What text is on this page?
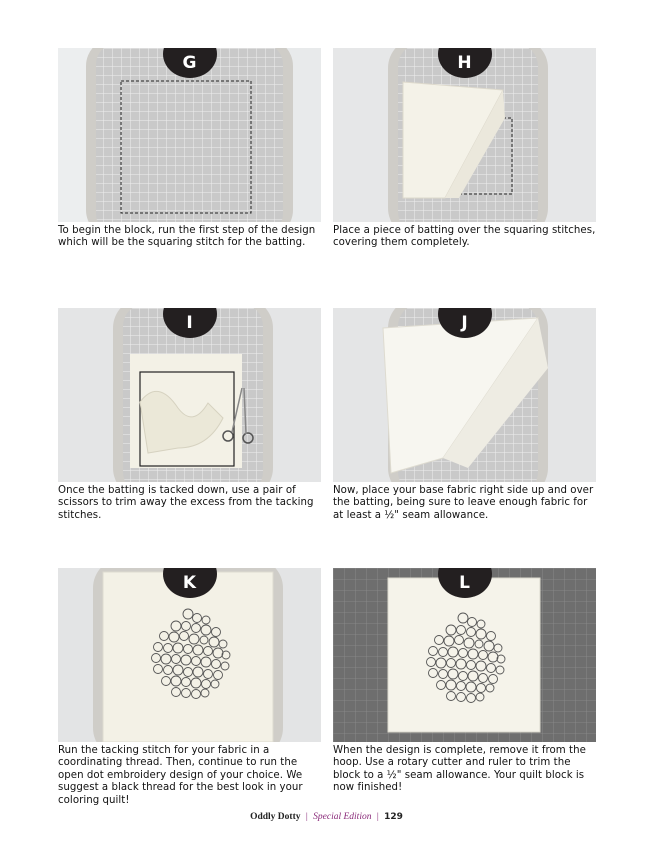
G
To begin the block, run the first step of the design which will be the squaring stitch for the batting.
H
Place a piece of batting over the squaring stitches, covering them completely.
I
Once the batting is tacked down, use a pair of scissors to trim away the excess from the tacking stitches.
J
Now, place your base fabric right side up and over the batting, being sure to leave enough fabric for at least a ½" seam allowance.
K
Run the tacking stitch for your fabric in a coordinating thread. Then, continue to run the open dot embroidery design of your choice. We suggest a black thread for the best look in your coloring quilt!
L
When the design is complete, remove it from the hoop. Use a rotary cutter and ruler to trim the block to a ½" seam allowance. Your quilt block is now finished!
Oddly Dotty | Special Edition | 129
